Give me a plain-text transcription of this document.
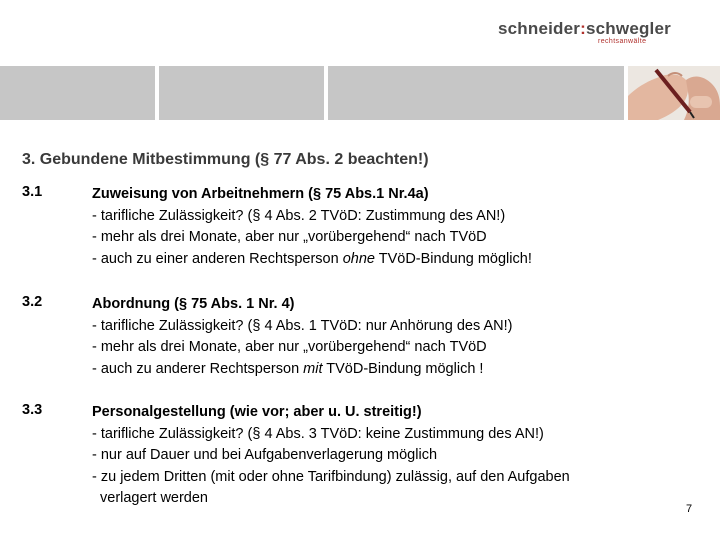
schneider:schwegler
rechtsanwälte
3. Gebundene Mitbestimmung (§ 77 Abs. 2 beachten!)
3.1	Zuweisung von Arbeitnehmern (§ 75 Abs.1 Nr.4a)
- tarifliche Zulässigkeit? (§ 4 Abs. 2 TVöD: Zustimmung des AN!)
- mehr als drei Monate, aber nur „vorübergehend“ nach TVöD
- auch zu einer anderen Rechtsperson ohne TVöD-Bindung möglich!
3.2	Abordnung (§ 75 Abs. 1 Nr. 4)
- tarifliche Zulässigkeit? (§ 4 Abs. 1 TVöD: nur Anhörung des AN!)
- mehr als drei Monate, aber nur „vorübergehend“ nach TVöD
- auch zu anderer Rechtsperson mit TVöD-Bindung möglich !
3.3	Personalgestellung (wie vor; aber u. U. streitig!)
- tarifliche Zulässigkeit? (§ 4 Abs. 3 TVöD: keine Zustimmung des AN!)
- nur auf Dauer und bei Aufgabenverlagerung möglich
- zu jedem Dritten (mit oder ohne Tarifbindung) zulässig, auf den Aufgaben
verlagert werden
7
